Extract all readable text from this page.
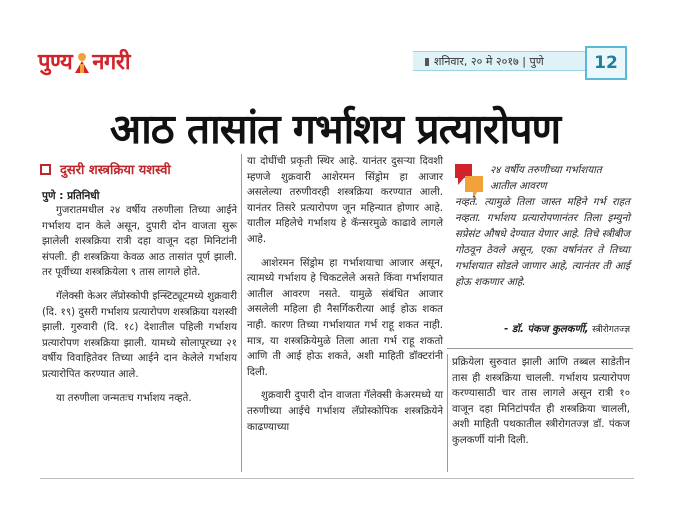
पुण्य नगरी	शनिवार, २० मे २०१७ | पुणे	12
आठ तासांत गर्भाशय प्रत्यारोपण
दुसरी शस्त्रक्रिया यशस्वी
पुणे : प्रतिनिधी

गुजरातमधील २४ वर्षीय तरुणीला तिच्या आईने गर्भाशय दान केले असून, दुपारी दोन वाजता सुरू झालेली शस्त्रक्रिया रात्री दहा वाजून दहा मिनिटांनी संपली. ही शस्त्रक्रिया केवळ आठ तासांत पूर्ण झाली. तर पूर्वीच्या शस्त्रक्रियेला ९ तास लागले होते.

गॅलेक्सी केअर लॅप्रोस्कोपी इन्स्टिट्यूटमध्ये शुक्रवारी (दि. १९) दुसरी गर्भाशय प्रत्यारोपण शस्त्रक्रिया यशस्वी झाली. गुरुवारी (दि. १८) देशातील पहिली गर्भाशय प्रत्यारोपण शस्त्रक्रिया झाली. यामध्ये सोलापूरच्या २१ वर्षीय विवाहितेवर तिच्या आईने दान केलेले गर्भाशय प्रत्यारोपित करण्यात आले.

या तरुणीला जन्मतःच गर्भाशय नव्हते.

या दोघींची प्रकृती स्थिर आहे. यानंतर दुसऱ्या दिवशी म्हणजे शुक्रवारी आशेरमन सिंड्रोम हा आजार असलेल्या तरुणीवरही शस्त्रक्रिया करण्यात आली. यानंतर तिसरे प्रत्यारोपण जून महिन्यात होणार आहे. यातील महिलेचे गर्भाशय हे कॅन्सरमुळे काढावे लागले आहे.

आशेरमन सिंड्रोम हा गर्भाशयाचा आजार असून, त्यामध्ये गर्भाशय हे चिकटलेले असते किंवा गर्भाशयात आतील आवरण नसते. यामुळे संबंधित आजार असलेली महिला ही नैसर्गिकरीत्या आई होऊ शकत नाही. कारण तिच्या गर्भाशयात गर्भ राहू शकत नाही. मात्र, या शस्त्रक्रियेमुळे तिला आता गर्भ राहू शकतो आणि ती आई होऊ शकते, अशी माहिती डॉक्टरांनी दिली.

शुक्रवारी दुपारी दोन वाजता गॅलेक्सी केअरमध्ये या तरुणीच्या आईचे गर्भाशय लॅप्रोस्कोपिक शस्त्रक्रियेने काढण्याच्या

२४ वर्षीय तरुणीच्या गर्भाशयात आतील आवरण
नव्हते. त्यामुळे तिला जास्त महिने गर्भ राहत नव्हता. गर्भाशय प्रत्यारोपणानंतर तिला इम्युनो सप्रेसंट औषधे देण्यात येणार आहे. तिचे स्त्रीबीज गोठवून ठेवले असून, एका वर्षानंतर ते तिच्या गर्भाशयात सोडले जाणार आहे, त्यानंतर ती आई होऊ शकणार आहे.
- डॉ. पंकज कुलकर्णी, स्त्रीरोगतज्ज्ञ

प्रक्रियेला सुरुवात झाली आणि तब्बल साडेतीन तास ही शस्त्रक्रिया चालली. गर्भाशय प्रत्यारोपण करण्यासाठी चार तास लागले असून रात्री १० वाजून दहा मिनिटांपर्यंत ही शस्त्रक्रिया चालली, अशी माहिती पथकातील स्त्रीरोगतज्ज्ञ डॉ. पंकज कुलकर्णी यांनी दिली.
